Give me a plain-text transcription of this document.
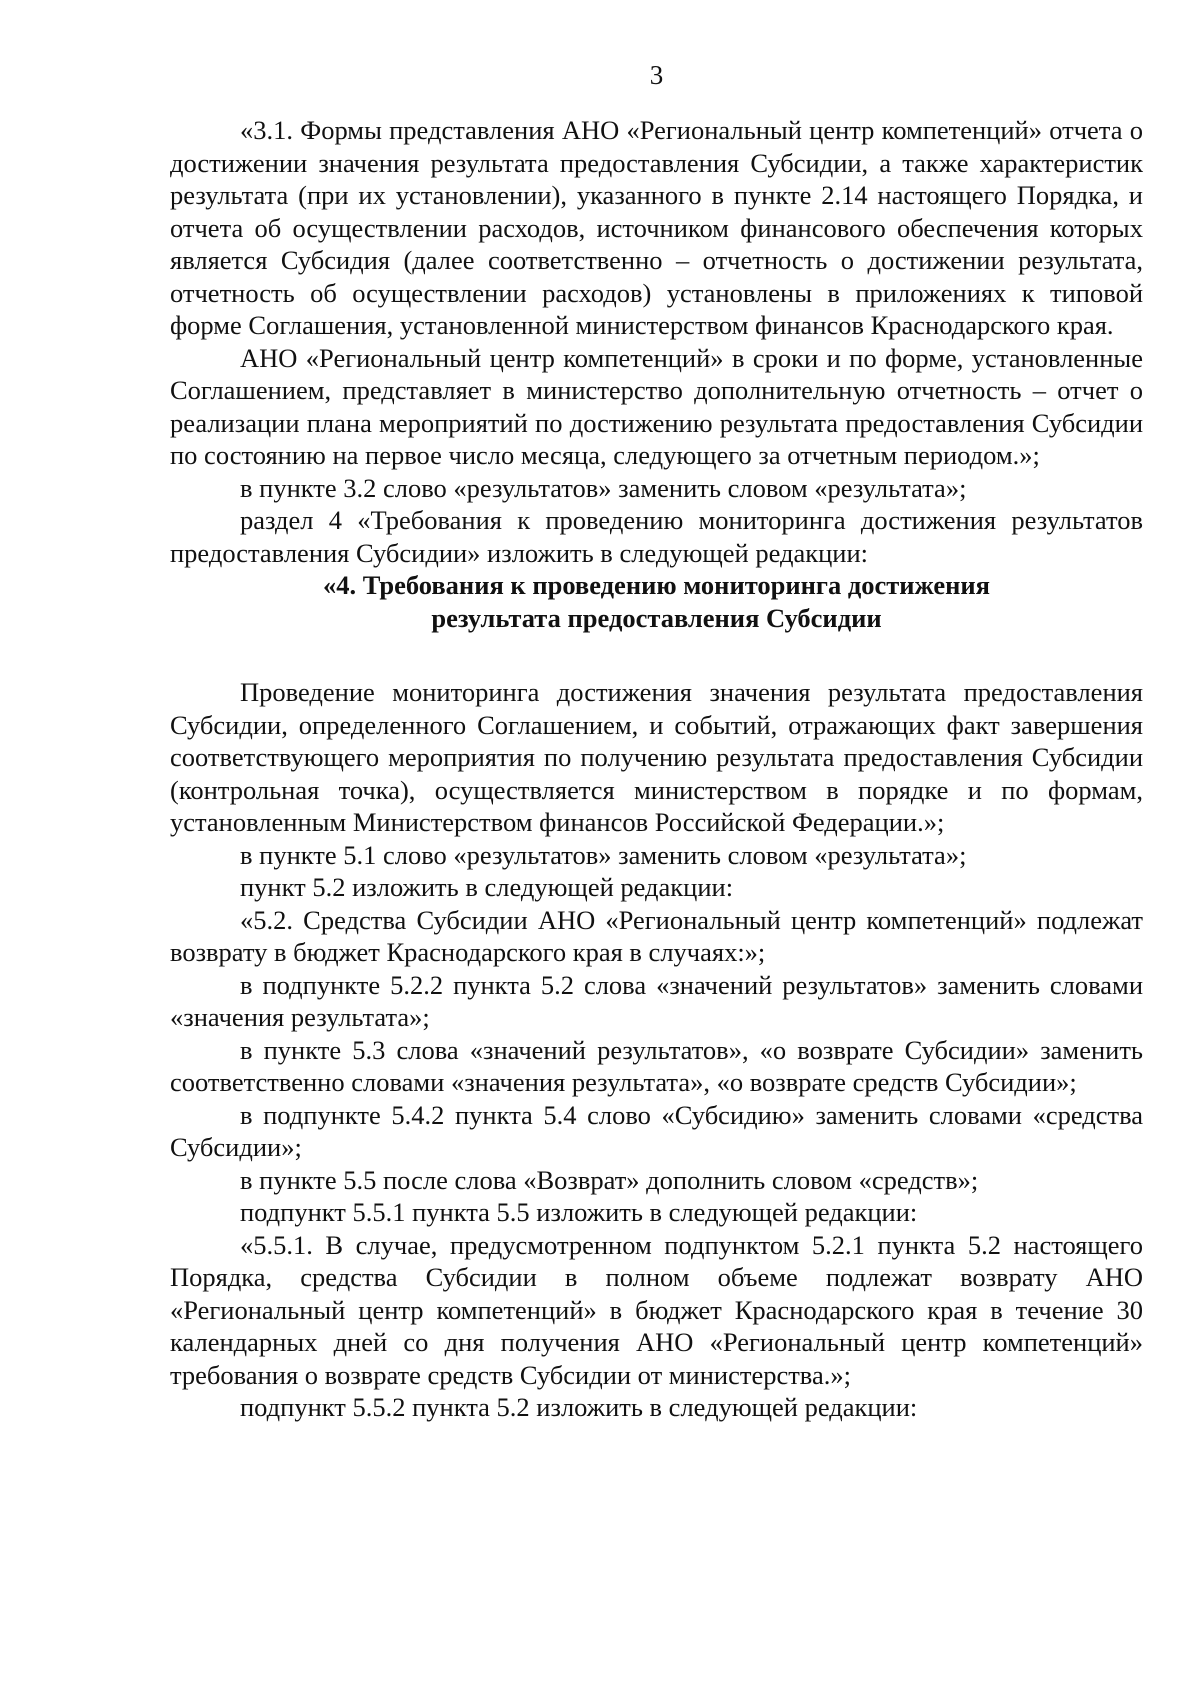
3

«3.1. Формы представления АНО «Региональный центр компетенций» отчета о достижении значения результата предоставления Субсидии, а также характеристик результата (при их установлении), указанного в пункте 2.14 настоящего Порядка, и отчета об осуществлении расходов, источником финансового обеспечения которых является Субсидия (далее соответственно – отчетность о достижении результата, отчетность об осуществлении расходов) установлены в приложениях к типовой форме Соглашения, установленной министерством финансов Краснодарского края.

АНО «Региональный центр компетенций» в сроки и по форме, установленные Соглашением, представляет в министерство дополнительную отчетность – отчет о реализации плана мероприятий по достижению результата предоставления Субсидии по состоянию на первое число месяца, следующего за отчетным периодом.»;

в пункте 3.2 слово «результатов» заменить словом «результата»;

раздел 4 «Требования к проведению мониторинга достижения результатов предоставления Субсидии» изложить в следующей редакции:

«4. Требования к проведению мониторинга достижения

результата предоставления Субсидии

Проведение мониторинга достижения значения результата предоставления Субсидии, определенного Соглашением, и событий, отражающих факт завершения соответствующего мероприятия по получению результата предоставления Субсидии (контрольная точка), осуществляется министерством в порядке и по формам, установленным Министерством финансов Российской Федерации.»;

в пункте 5.1 слово «результатов» заменить словом «результата»;

пункт 5.2 изложить в следующей редакции:

«5.2. Средства Субсидии АНО «Региональный центр компетенций» подлежат возврату в бюджет Краснодарского края в случаях:»;

в подпункте 5.2.2 пункта 5.2 слова «значений результатов» заменить словами «значения результата»;

в пункте 5.3 слова «значений результатов», «о возврате Субсидии» заменить соответственно словами «значения результата», «о возврате средств Субсидии»;

в подпункте 5.4.2 пункта 5.4 слово «Субсидию» заменить словами «средства Субсидии»;

в пункте 5.5 после слова «Возврат» дополнить словом «средств»;

подпункт 5.5.1 пункта 5.5 изложить в следующей редакции:

«5.5.1. В случае, предусмотренном подпунктом 5.2.1 пункта 5.2 настоящего Порядка, средства Субсидии в полном объеме подлежат возврату АНО «Региональный центр компетенций» в бюджет Краснодарского края в течение 30 календарных дней со дня получения АНО «Региональный центр компетенций» требования о возврате средств Субсидии от министерства.»;

подпункт 5.5.2 пункта 5.2 изложить в следующей редакции:
